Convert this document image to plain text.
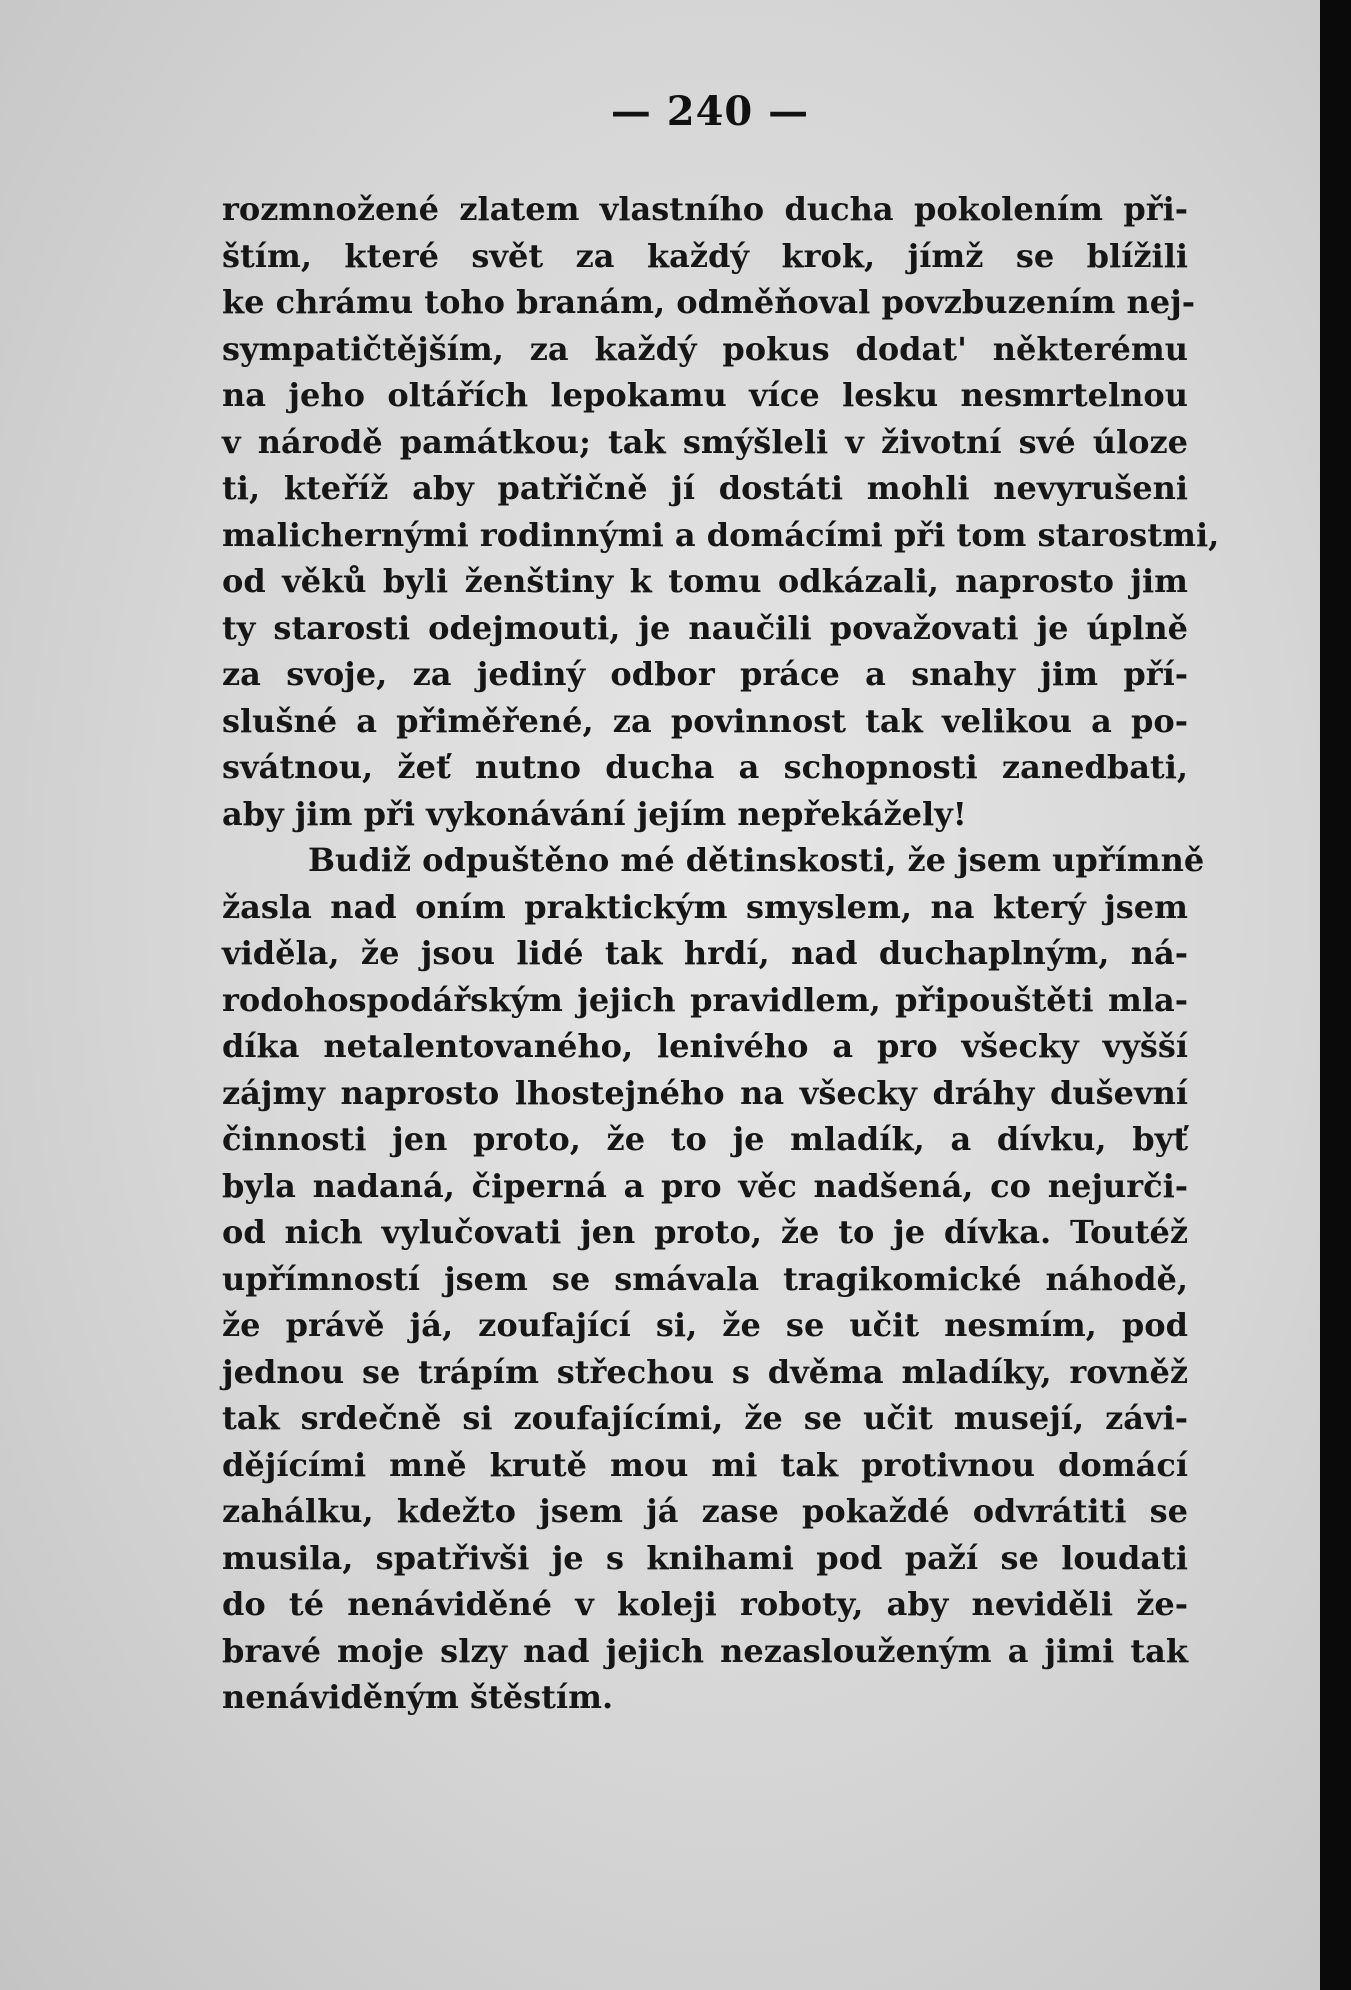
— 240 —
rozmnožené zlatem vlastního ducha pokolením při-
štím, které svět za každý krok, jímž se blížili
ke chrámu toho branám, odměňoval povzbuzením nej-
sympatičtějším, za každý pokus dodat' některému
na jeho oltářích lepokamu více lesku nesmrtelnou
v národě památkou; tak smýšleli v životní své úloze
ti, kteříž aby patřičně jí dostáti mohli nevyrušeni
malichernými rodinnými a domácími při tom starostmi,
od věků byli ženštiny k tomu odkázali, naprosto jim
ty starosti odejmouti, je naučili považovati je úplně
za svoje, za jediný odbor práce a snahy jim pří-
slušné a přiměřené, za povinnost tak velikou a po-
svátnou, žeť nutno ducha a schopnosti zanedbati,
aby jim při vykonávání jejím nepřekážely!
Budiž odpuštěno mé dětinskosti, že jsem upřímně
žasla nad oním praktickým smyslem, na který jsem
viděla, že jsou lidé tak hrdí, nad duchaplným, ná-
rodohospodářským jejich pravidlem, připouštěti mla-
díka netalentovaného, lenivého a pro všecky vyšší
zájmy naprosto lhostejného na všecky dráhy duševní
činnosti jen proto, že to je mladík, a dívku, byť
byla nadaná, čiperná a pro věc nadšená, co nejurči-
od nich vylučovati jen proto, že to je dívka. Toutéž
upřímností jsem se smávala tragikomické náhodě,
že právě já, zoufající si, že se učit nesmím, pod
jednou se trápím střechou s dvěma mladíky, rovněž
tak srdečně si zoufajícími, že se učit musejí, závi-
dějícími mně krutě mou mi tak protivnou domácí
zahálku, kdežto jsem já zase pokaždé odvrátiti se
musila, spatřivši je s knihami pod paží se loudati
do té nenáviděné v koleji roboty, aby neviděli že-
bravé moje slzy nad jejich nezaslouženým a jimi tak
nenáviděným štěstím.
